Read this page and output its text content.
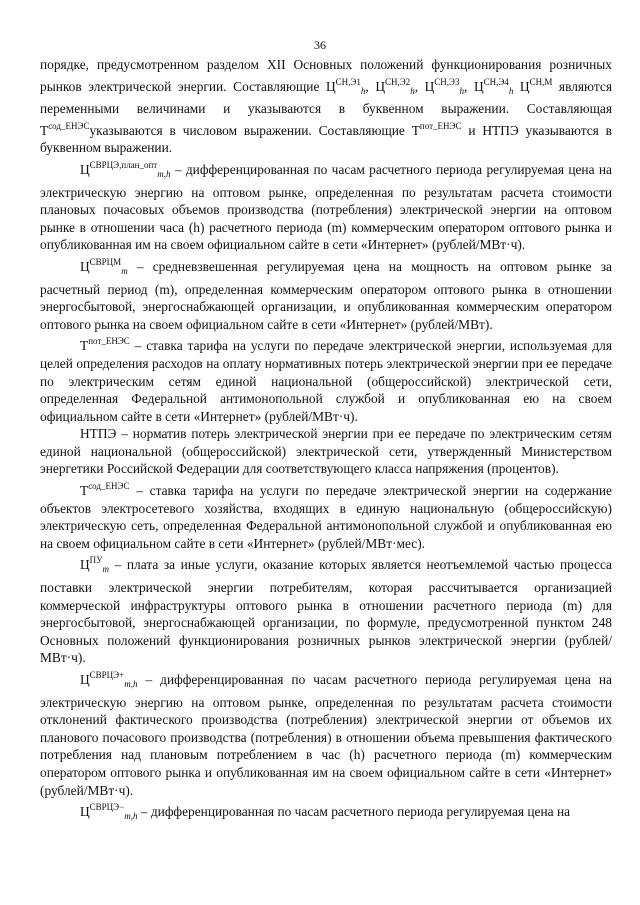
36

порядке, предусмотренном разделом XII Основных положений функционирования розничных рынков электрической энергии. Составляющие $Ц^{СН,Э1}_h$, $Ц^{СН,Э2}_h$, $Ц^{СН,Э3}_h$, $Ц^{СН,Э4}_h$ $Ц^{СН,М}$ являются переменными величинами и указываются в буквенном выражении. Составляющая $Т^{сод\_ЕНЭС}указываются$ в числовом выражении. Составляющие $Т^{пот\_ЕНЭС}$ и НТПЭ указываются в буквенном выражении.

$Ц^{СВРЦЭ,план\_опт}_{m,h}$ – дифференцированная по часам расчетного периода регулируемая цена на электрическую энергию на оптовом рынке, определенная по результатам расчета стоимости плановых почасовых объемов производства (потребления) электрической энергии на оптовом рынке в отношении часа (h) расчетного периода (m) коммерческим оператором оптового рынка и опубликованная им на своем официальном сайте в сети «Интернет» (рублей/МВт·ч).

$Ц^{СВРЦМ}_m$ – средневзвешенная регулируемая цена на мощность на оптовом рынке за расчетный период (m), определенная коммерческим оператором оптового рынка в отношении энергосбытовой, энергоснабжающей организации, и опубликованная коммерческим оператором оптового рынка на своем официальном сайте в сети «Интернет» (рублей/МВт).

$Т^{пот\_ЕНЭС}$ – ставка тарифа на услуги по передаче электрической энергии, используемая для целей определения расходов на оплату нормативных потерь электрической энергии при ее передаче по электрическим сетям единой национальной (общероссийской) электрической сети, определенная Федеральной антимонопольной службой и опубликованная ею на своем официальном сайте в сети «Интернет» (рублей/МВт·ч).

НТПЭ – норматив потерь электрической энергии при ее передаче по электрическим сетям единой национальной (общероссийской) электрической сети, утвержденный Министерством энергетики Российской Федерации для соответствующего класса напряжения (процентов).

$Т^{сод\_ЕНЭС}$ – ставка тарифа на услуги по передаче электрической энергии на содержание объектов электросетевого хозяйства, входящих в единую национальную (общероссийскую) электрическую сеть, определенная Федеральной антимонопольной службой и опубликованная ею на своем официальном сайте в сети «Интернет» (рублей/МВт·мес).

$Ц^{ПУ}_m$ – плата за иные услуги, оказание которых является неотъемлемой частью процесса поставки электрической энергии потребителям, которая рассчитывается организацией коммерческой инфраструктуры оптового рынка в отношении расчетного периода (m) для энергосбытовой, энергоснабжающей организации, по формуле, предусмотренной пунктом 248 Основных положений функционирования розничных рынков электрической энергии (рублей/МВт·ч).

$Ц^{СВРЦЭ+}_{m,h}$ – дифференцированная по часам расчетного периода регулируемая цена на электрическую энергию на оптовом рынке, определенная по результатам расчета стоимости отклонений фактического производства (потребления) электрической энергии от объемов их планового почасового производства (потребления) в отношении объема превышения фактического потребления над плановым потреблением в час (h) расчетного периода (m) коммерческим оператором оптового рынка и опубликованная им на своем официальном сайте в сети «Интернет» (рублей/МВт·ч).

$Ц^{СВРЦЭ-}_{m,h}$ – дифференцированная по часам расчетного периода регулируемая цена на
